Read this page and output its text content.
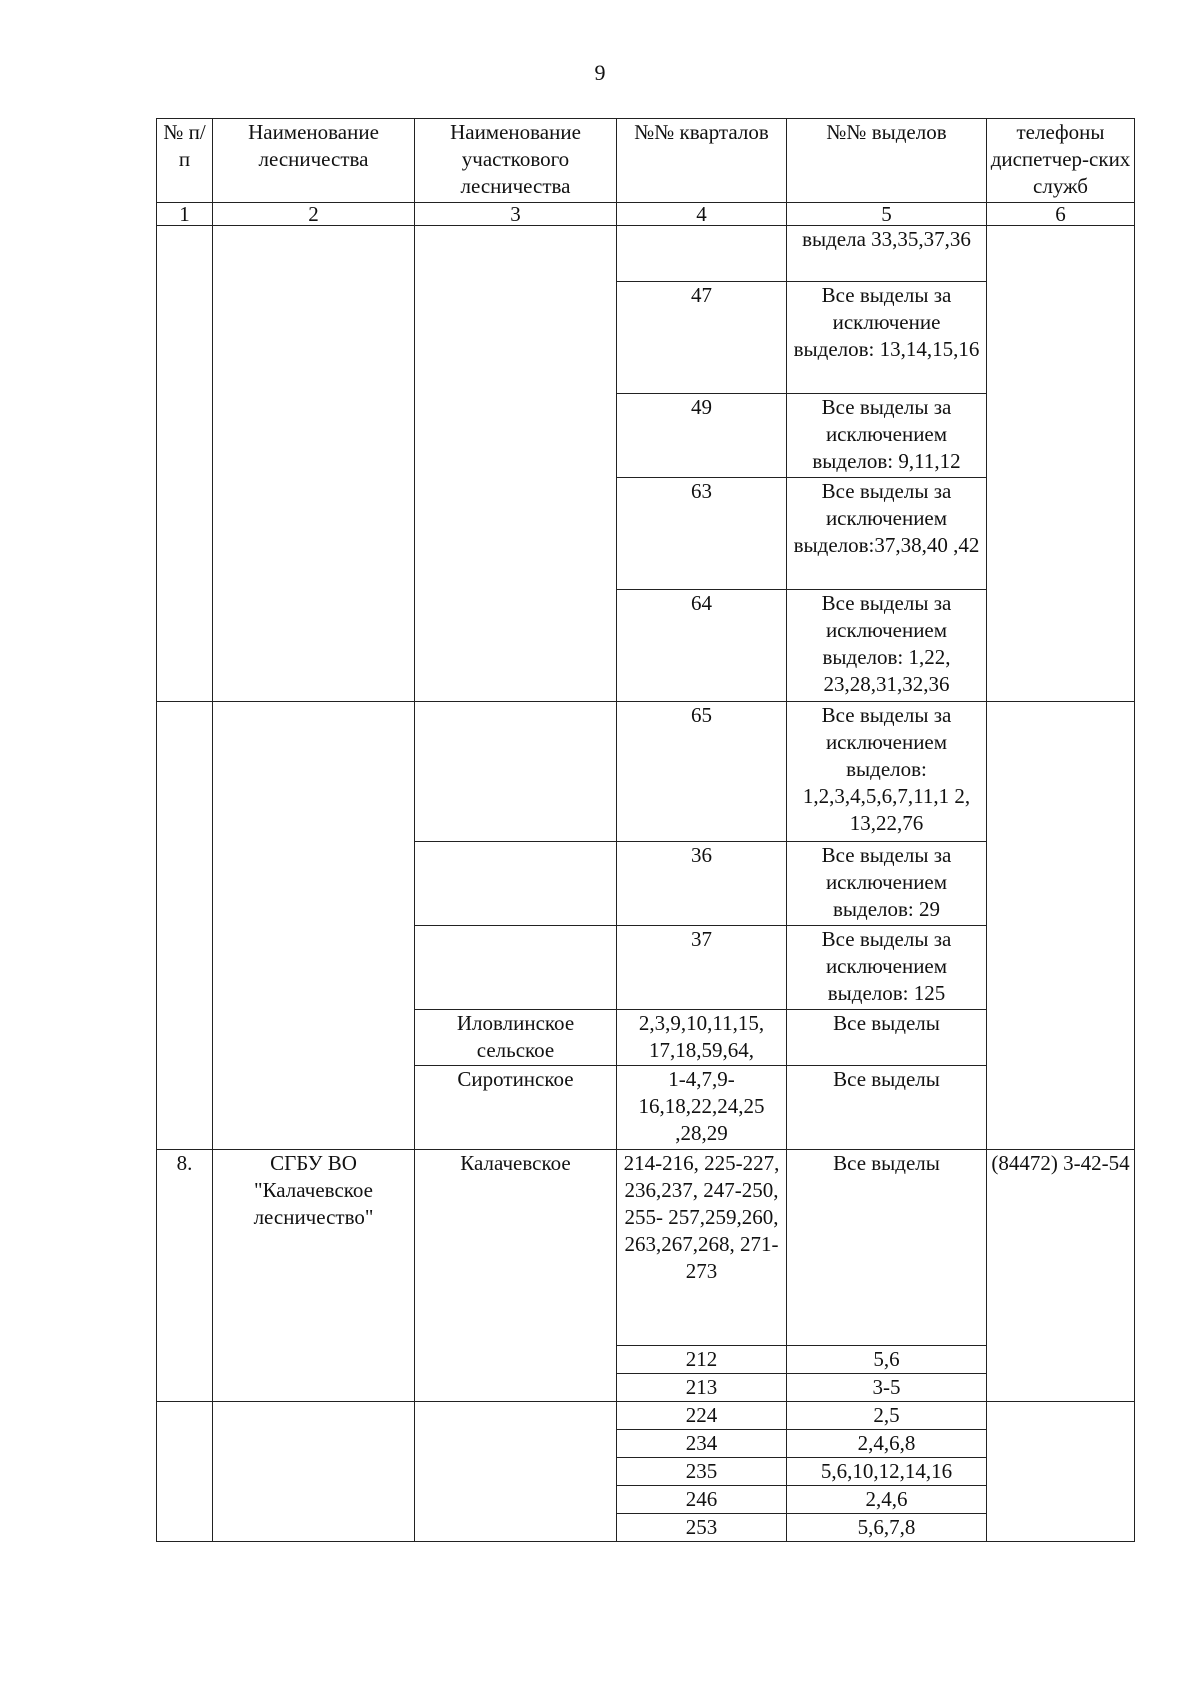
9
№ п/п	Наименование лесничества	Наименование участкового лесничества	№№ кварталов	№№ выделов	телефоны диспетчер-ских служб
1	2	3	4	5	6
				выдела 33,35,37,36	
			47	Все выделы за исключение выделов: 13,14,15,16	
			49	Все выделы за исключением выделов: 9,11,12	
			63	Все выделы за исключением выделов:37,38,40 ,42	
			64	Все выделы за исключением выделов: 1,22, 23,28,31,32,36	
			65	Все выделы за исключением выделов: 1,2,3,4,5,6,7,11,1 2, 13,22,76	
			36	Все выделы за исключением выделов: 29	
			37	Все выделы за исключением выделов: 125	
		Иловлинское сельское	2,3,9,10,11,15, 17,18,59,64,	Все выделы	
		Сиротинское	1-4,7,9- 16,18,22,24,25 ,28,29	Все выделы	
8.	СГБУ ВО "Калачевское лесничество"	Калачевское	214-216, 225-227, 236,237, 247-250, 255- 257,259,260, 263,267,268, 271-273	Все выделы	(84472) 3-42-54
			212	5,6	
			213	3-5	
			224	2,5	
			234	2,4,6,8	
			235	5,6,10,12,14,16	
			246	2,4,6	
			253	5,6,7,8	
